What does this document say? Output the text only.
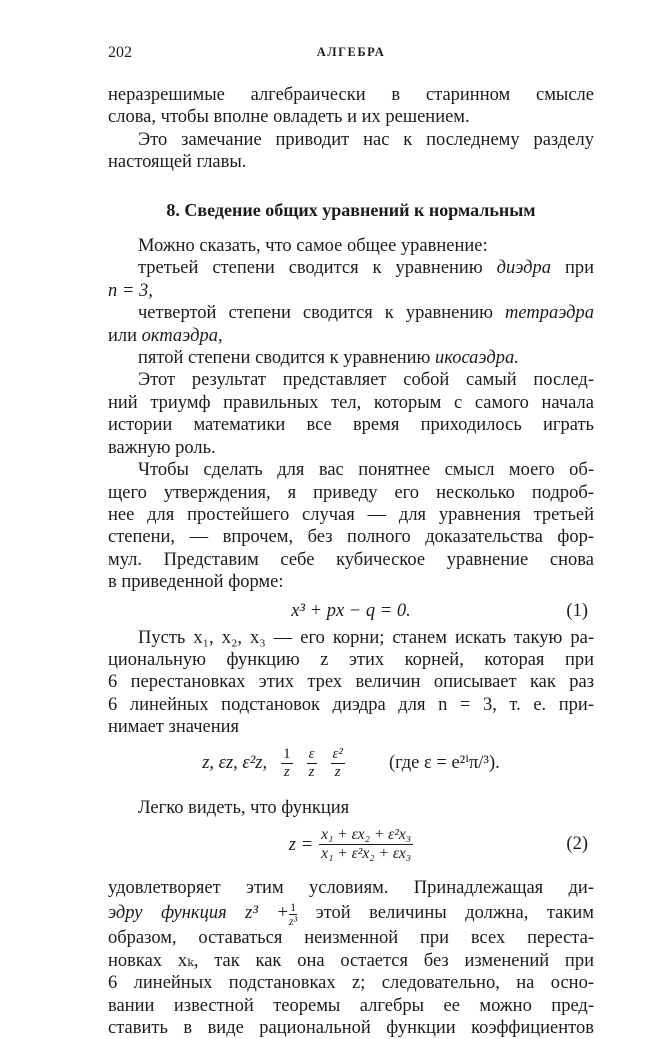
202	АЛГЕБРА

неразрешимые алгебраически в старинном смысле

слова, чтобы вполне овладеть и их решением.

Это замечание приводит нас к последнему разделу

настоящей главы.

8. Сведение общих уравнений к нормальным

Можно сказать, что самое общее уравнение:

третьей степени сводится к уравнению диэдра при

n = 3,

четвертой степени сводится к уравнению тетраэдра

или октаэдра,

пятой степени сводится к уравнению икосаэдра.

Этот результат представляет собой самый послед-

ний триумф правильных тел, которым с самого начала

истории математики все время приходилось играть

важную роль.

Чтобы сделать для вас понятнее смысл моего об-

щего утверждения, я приведу его несколько подроб-

нее для простейшего случая — для уравнения третьей

степени, — впрочем, без полного доказательства фор-

мул. Представим себе кубическое уравнение снова

в приведенной форме:

x³ + px − q = 0.	(1)

Пусть x₁, x₂, x₃ — его корни; станем искать такую ра-

циональную функцию z этих корней, которая при

6 перестановках этих трех величин описывает как раз

6 линейных подстановок диэдра для n = 3, т. е. при-

нимает значения

z, εz, ε²z, $\frac{1}{z} \frac{\varepsilon}{z} \frac{\text{ε²}}{z} (где$ ε = e²ⁱπ/³).

Легко видеть, что функция

$z = \frac{\text{x₁ + εx₂ + ε²x₃}}{\text{x₁ + ε²x₂ + εx₃}}$	(2)

удовлетворяет этим условиям. Принадлежащая ди-

эдру функция $z^3 + \frac{1}{\text{z³}}$ этой величины должна, таким

образом, оставаться неизменной при всех переста-

новках xₖ, так как она остается без изменений при

6 линейных подстановках z; следовательно, на осно-

вании известной теоремы алгебры ее можно пред-

ставить в виде рациональной функции коэффициентов
